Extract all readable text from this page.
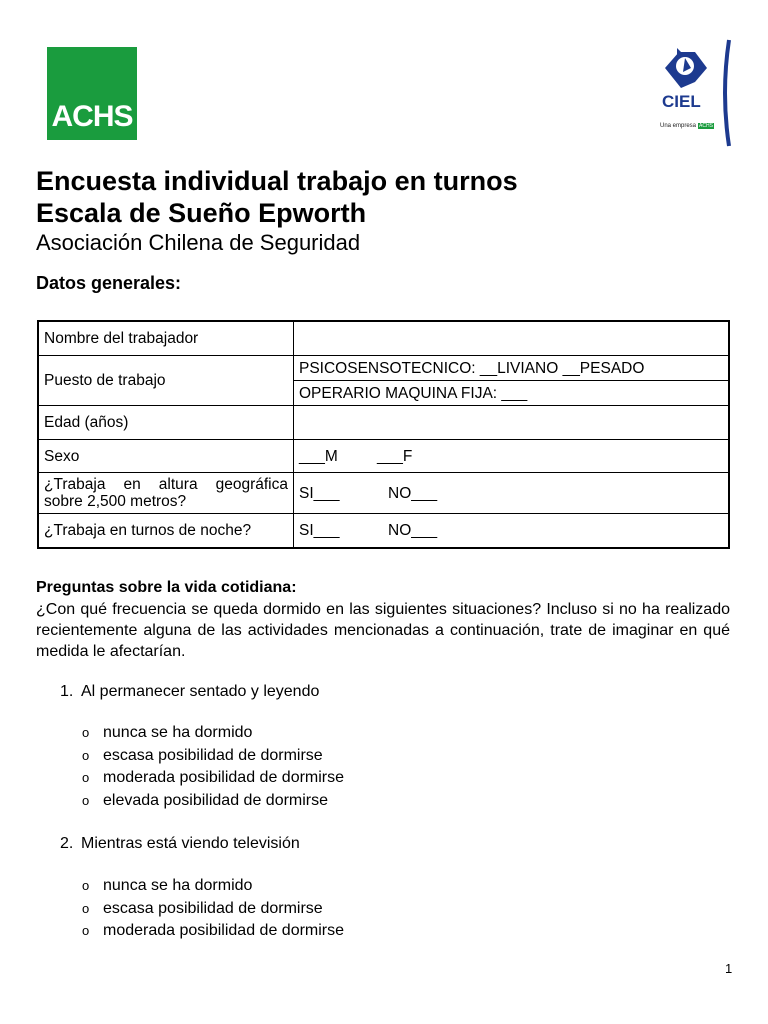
ACHS	CIEL
Una empresa ACHS
Encuesta individual trabajo en turnos
Escala de Sueño Epworth
Asociación Chilena de Seguridad
Datos generales:
Nombre del trabajador	
Puesto de trabajo	PSICOSENSOTECNICO: __LIVIANO __PESADO
	OPERARIO MAQUINA FIJA: ___
Edad (años)	
Sexo	___M ___F
¿Trabaja en altura geográfica sobre 2,500 metros?	SI___ NO___
¿Trabaja en turnos de noche?	SI___ NO___
Preguntas sobre la vida cotidiana:
¿Con qué frecuencia se queda dormido en las siguientes situaciones? Incluso si no ha realizado recientemente alguna de las actividades mencionadas a continuación, trate de imaginar en qué medida le afectarían.
1. Al permanecer sentado y leyendo
o nunca se ha dormido
o escasa posibilidad de dormirse
o moderada posibilidad de dormirse
o elevada posibilidad de dormirse
2. Mientras está viendo televisión
o nunca se ha dormido
o escasa posibilidad de dormirse
o moderada posibilidad de dormirse
1
